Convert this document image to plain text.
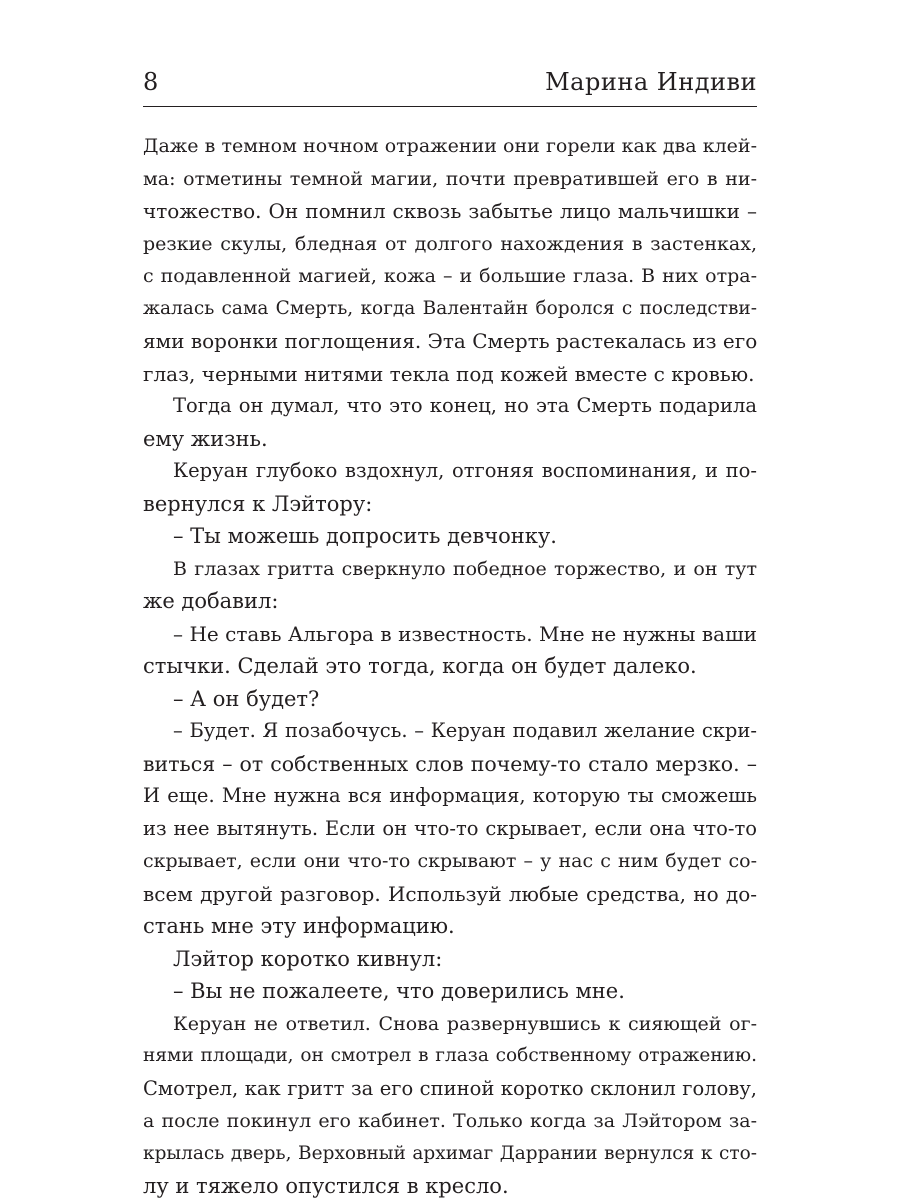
8	Марина Индиви
Даже в темном ночном отражении они горели как два клей-
ма: отметины темной магии, почти превратившей его в ни-
чтожество. Он помнил сквозь забытье лицо мальчишки –
резкие скулы, бледная от долгого нахождения в застенках,
с подавленной магией, кожа – и большие глаза. В них отра-
жалась сама Смерть, когда Валентайн боролся с последстви-
ями воронки поглощения. Эта Смерть растекалась из его
глаз, черными нитями текла под кожей вместе с кровью.
Тогда он думал, что это конец, но эта Смерть подарила
ему жизнь.
Керуан глубоко вздохнул, отгоняя воспоминания, и по-
вернулся к Лэйтору:
– Ты можешь допросить девчонку.
В глазах гритта сверкнуло победное торжество, и он тут
же добавил:
– Не ставь Альгора в известность. Мне не нужны ваши
стычки. Сделай это тогда, когда он будет далеко.
– А он будет?
– Будет. Я позабочусь. – Керуан подавил желание скри-
виться – от собственных слов почему-то стало мерзко. –
И еще. Мне нужна вся информация, которую ты сможешь
из нее вытянуть. Если он что-то скрывает, если она что-то
скрывает, если они что-то скрывают – у нас с ним будет со-
всем другой разговор. Используй любые средства, но до-
стань мне эту информацию.
Лэйтор коротко кивнул:
– Вы не пожалеете, что доверились мне.
Керуан не ответил. Снова развернувшись к сияющей ог-
нями площади, он смотрел в глаза собственному отражению.
Смотрел, как гритт за его спиной коротко склонил голову,
а после покинул его кабинет. Только когда за Лэйтором за-
крылась дверь, Верховный архимаг Даррании вернулся к сто-
лу и тяжело опустился в кресло.
